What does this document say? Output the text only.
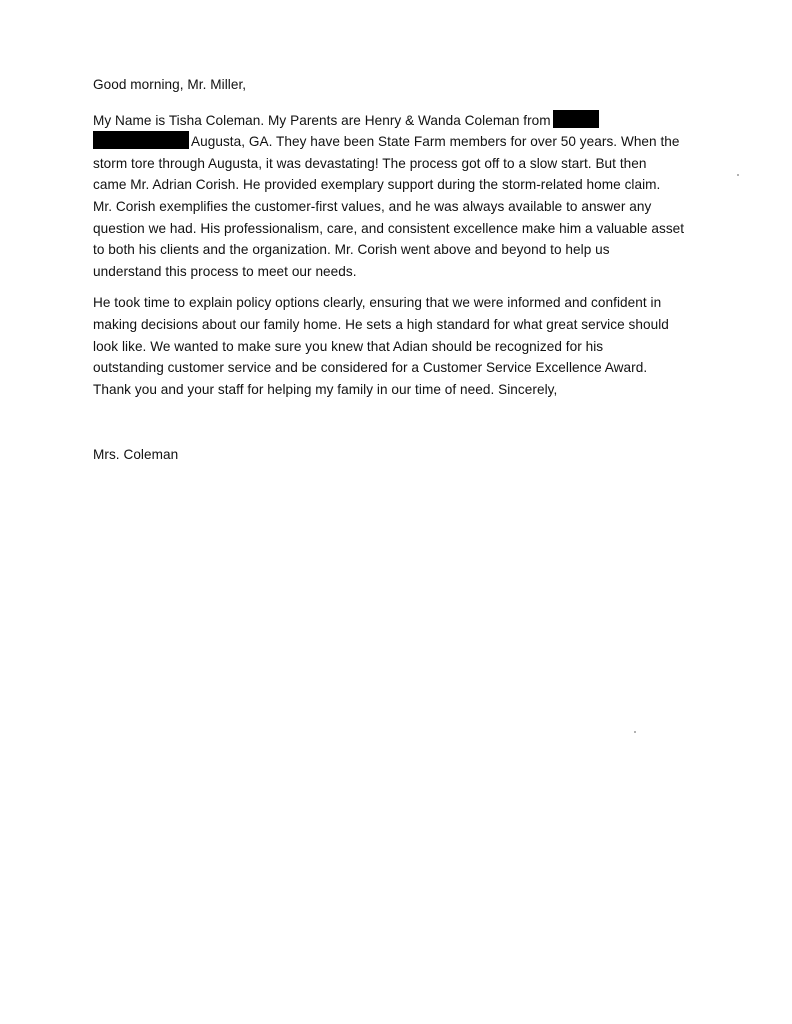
Good morning, Mr. Miller,

My Name is Tisha Coleman. My Parents are Henry & Wanda Coleman from
Augusta, GA. They have been State Farm members for over 50 years. When the
storm tore through Augusta, it was devastating! The process got off to a slow start. But then
came Mr. Adrian Corish. He provided exemplary support during the storm-related home claim.
Mr. Corish exemplifies the customer-first values, and he was always available to answer any
question we had. His professionalism, care, and consistent excellence make him a valuable asset
to both his clients and the organization. Mr. Corish went above and beyond to help us
understand this process to meet our needs.

He took time to explain policy options clearly, ensuring that we were informed and confident in
making decisions about our family home. He sets a high standard for what great service should
look like. We wanted to make sure you knew that Adian should be recognized for his
outstanding customer service and be considered for a Customer Service Excellence Award.
Thank you and your staff for helping my family in our time of need. Sincerely,

Mrs. Coleman
